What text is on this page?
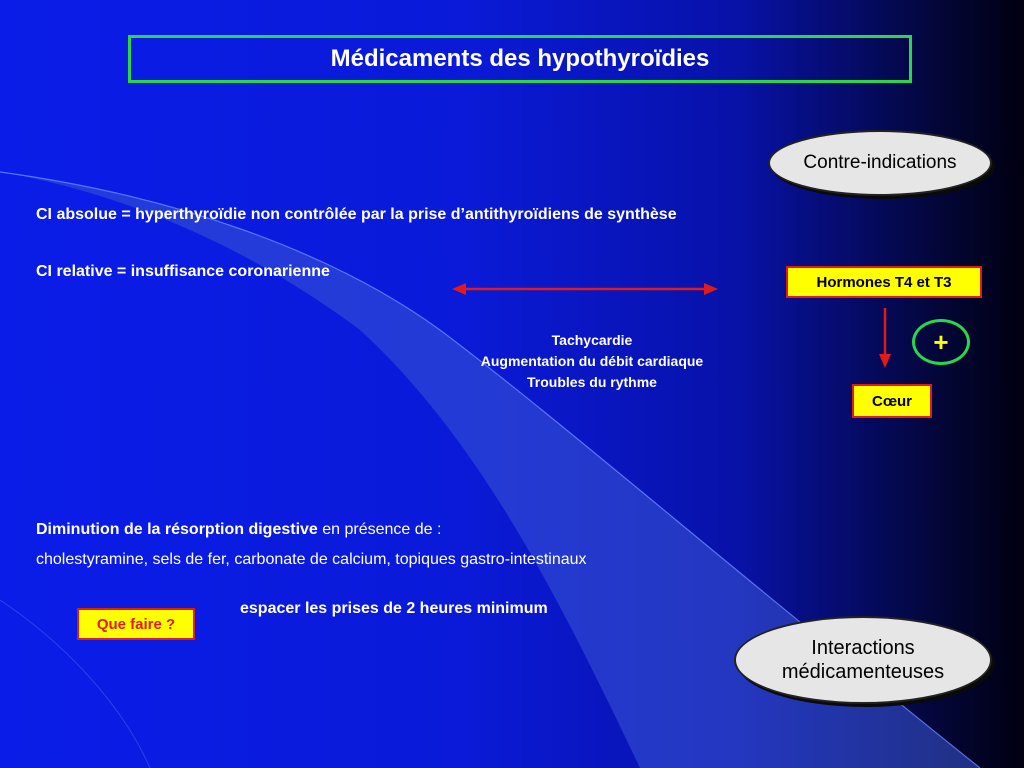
Médicaments des hypothyroïdies
Contre-indications
CI absolue = hyperthyroïdie non contrôlée par la prise d’antithyroïdiens de synthèse
CI relative = insuffisance coronarienne
Hormones T4 et T3
+
Cœur
Tachycardie
Augmentation du débit cardiaque
Troubles du rythme
Diminution de la résorption digestive en présence de :
cholestyramine, sels de fer, carbonate de calcium, topiques gastro-intestinaux
espacer les prises de 2 heures minimum
Que faire ?
Interactions
médicamenteuses
